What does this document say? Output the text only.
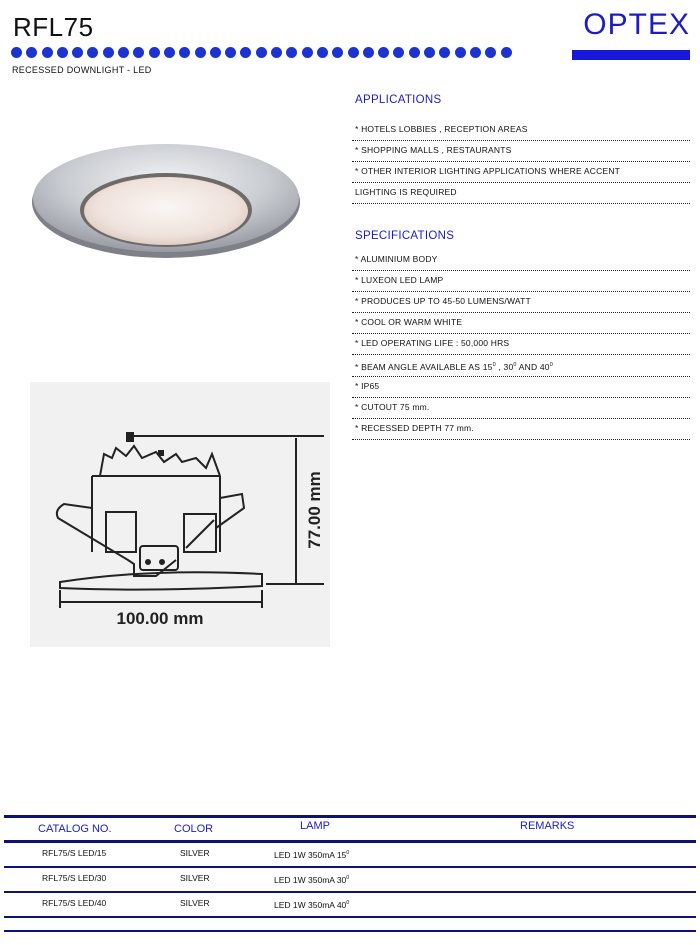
RFL75	OPTEX
RECESSED DOWNLIGHT - LED
100.00 mm
77.00 mm
APPLICATIONS
* HOTELS LOBBIES , RECEPTION AREAS
* SHOPPING MALLS , RESTAURANTS
* OTHER INTERIOR LIGHTING APPLICATIONS WHERE ACCENT
LIGHTING IS REQUIRED
SPECIFICATIONS
* ALUMINIUM BODY
* LUXEON LED LAMP
* PRODUCES UP TO 45-50 LUMENS/WATT
* COOL OR WARM WHITE
* LED OPERATING LIFE : 50,000 HRS
* BEAM ANGLE AVAILABLE AS $15^0$ , $30^0$ AND $40^0$
* IP65
* CUTOUT 75 mm.
* RECESSED DEPTH 77 mm.
CATALOG NO.	COLOR	LAMP	REMARKS
RFL75/S LED/15	SILVER	LED 1W 350mA $15^0$
RFL75/S LED/30	SILVER	LED 1W 350mA $30^0$
RFL75/S LED/40	SILVER	LED 1W 350mA $40^0$
